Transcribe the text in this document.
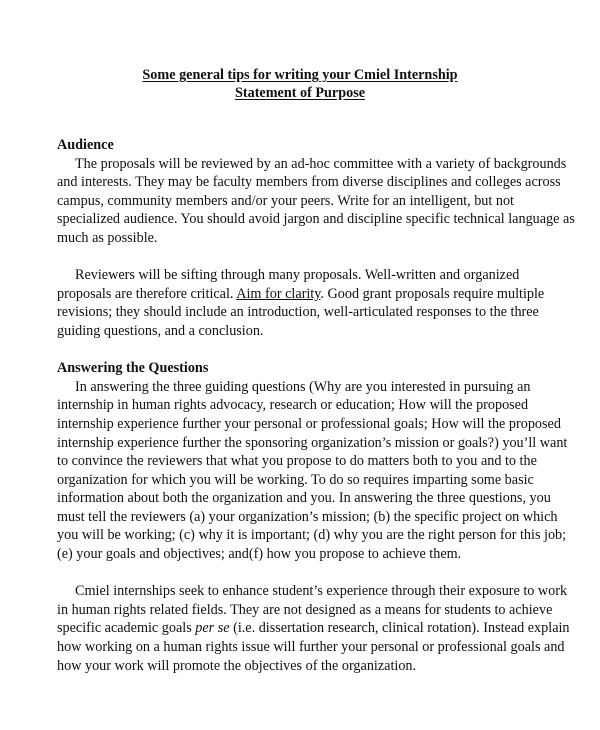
Some general tips for writing your Cmiel Internship
Statement of Purpose
Audience
The proposals will be reviewed by an ad-hoc committee with a variety of backgrounds
and interests. They may be faculty members from diverse disciplines and colleges across
campus, community members and/or your peers. Write for an intelligent, but not
specialized audience. You should avoid jargon and discipline specific technical language as
much as possible.
Reviewers will be sifting through many proposals. Well-written and organized
proposals are therefore critical. Aim for clarity. Good grant proposals require multiple
revisions; they should include an introduction, well-articulated responses to the three
guiding questions, and a conclusion.
Answering the Questions
In answering the three guiding questions (Why are you interested in pursuing an
internship in human rights advocacy, research or education; How will the proposed
internship experience further your personal or professional goals; How will the proposed
internship experience further the sponsoring organization’s mission or goals?) you’ll want
to convince the reviewers that what you propose to do matters both to you and to the
organization for which you will be working. To do so requires imparting some basic
information about both the organization and you. In answering the three questions, you
must tell the reviewers (a) your organization’s mission; (b) the specific project on which
you will be working; (c) why it is important; (d) why you are the right person for this job;
(e) your goals and objectives; and(f) how you propose to achieve them.
Cmiel internships seek to enhance student’s experience through their exposure to work
in human rights related fields. They are not designed as a means for students to achieve
specific academic goals per se (i.e. dissertation research, clinical rotation). Instead explain
how working on a human rights issue will further your personal or professional goals and
how your work will promote the objectives of the organization.
